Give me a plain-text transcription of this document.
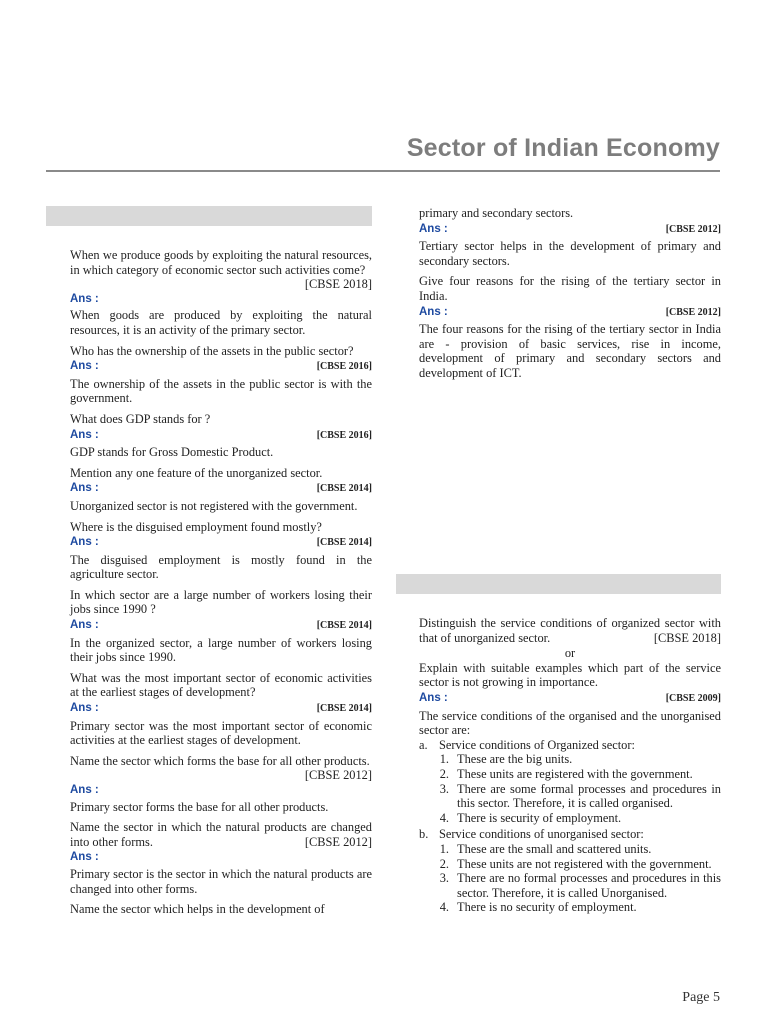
Sector of Indian Economy

When we produce goods by exploiting the natural resources, in which category of economic sector such activities come?
[CBSE 2018]

Ans :

When goods are produced by exploiting the natural resources, it is an activity of the primary sector.

Who has the ownership of the assets in the public sector?

Ans :	[CBSE 2016]

The ownership of the assets in the public sector is with the government.

What does GDP stands for ?

Ans :	[CBSE 2016]

GDP stands for Gross Domestic Product.

Mention any one feature of the unorganized sector.

Ans :	[CBSE 2014]

Unorganized sector is not registered with the government.

Where is the disguised employment found mostly?

Ans :	[CBSE 2014]

The disguised employment is mostly found in the agriculture sector.

In which sector are a large number of workers losing their jobs since 1990 ?

Ans :	[CBSE 2014]

In the organized sector, a large number of workers losing their jobs since 1990.

What was the most important sector of economic activities at the earliest stages of development?

Ans :	[CBSE 2014]

Primary sector was the most important sector of economic activities at the earliest stages of development.

Name the sector which forms the base for all other products.
[CBSE 2012]

Ans :

Primary sector forms the base for all other products.

Name the sector in which the natural products are changed into other forms.	[CBSE 2012]

Ans :

Primary sector is the sector in which the natural products are changed into other forms.

Name the sector which helps in the development of

primary and secondary sectors.

Ans :	[CBSE 2012]

Tertiary sector helps in the development of primary and secondary sectors.

Give four reasons for the rising of the tertiary sector in India.

Ans :	[CBSE 2012]

The four reasons for the rising of the tertiary sector in India are - provision of basic services, rise in income, development of primary and secondary sectors and development of ICT.

Distinguish the service conditions of organized sector with that of unorganized sector.	[CBSE 2018]

or

Explain with suitable examples which part of the service sector is not growing in importance.

Ans :	[CBSE 2009]

The service conditions of the organised and the unorganised sector are:

a. Service conditions of Organized sector:
1. These are the big units.
2. These units are registered with the government.
3. There are some formal processes and procedures in this sector. Therefore, it is called organised.
4. There is security of employment.
b. Service conditions of unorganised sector:
1. These are the small and scattered units.
2. These units are not registered with the government.
3. There are no formal processes and procedures in this sector. Therefore, it is called Unorganised.
4. There is no security of employment.
Page 5
